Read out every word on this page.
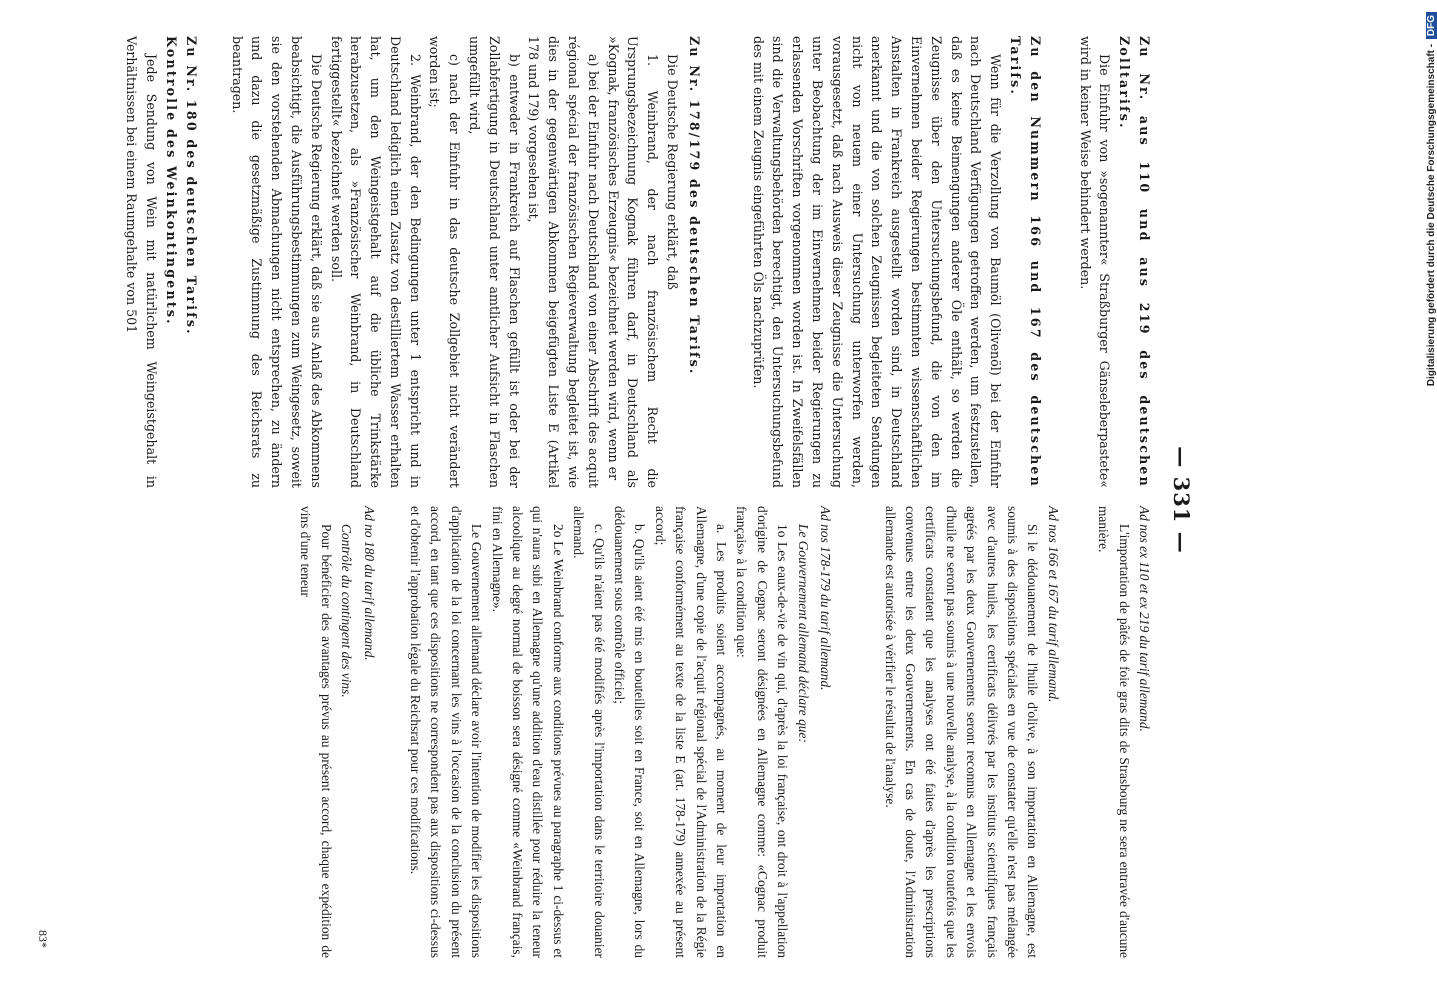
— 331 —

Zu Nr. aus 110 und aus 219 des deutschen Zolltarifs.

Die Einfuhr von »sogenannter« Straßburger Gänseleberpastete« wird in keiner Weise behindert werden.

Zu den Nummern 166 und 167 des deutschen Tarifs.

Wenn für die Verzollung von Baumöl (Olivenöl) bei der Einfuhr nach Deutschland Verfügungen getroffen werden, um festzustellen, daß es keine Beimengungen anderer Öle enthält, so werden die Zeugnisse über den Untersuchungsbefund, die von den im Einvernehmen beider Regierungen bestimmten wissenschaftlichen Anstalten in Frankreich ausgestellt worden sind, in Deutschland anerkannt und die von solchen Zeugnissen begleiteten Sendungen nicht von neuem einer Untersuchung unterworfen werden, vorausgesetzt, daß nach Ausweis dieser Zeugnisse die Untersuchung unter Beobachtung der im Einvernehmen beider Regierungen zu erlassenden Vorschriften vorgenommen worden ist. In Zweifelsfällen sind die Verwaltungsbehörden berechtigt, den Untersuchungsbefund des mit einem Zeugnis eingeführten Öls nachzuprüfen.

Zu Nr. 178/179 des deutschen Tarifs.

Die Deutsche Regierung erklärt, daß

1. Weinbrand, der nach französischem Recht die Ursprungsbezeichnung Kognak führen darf, in Deutschland als »Kognak, französisches Erzeugnis« bezeichnet werden wird, wenn er

a) bei der Einfuhr nach Deutschland von einer Abschrift des acquit régional spécial der französischen Regieverwaltung begleitet ist, wie dies in der gegenwärtigen Abkommen beigefügten Liste E (Artikel 178 und 179) vorgesehen ist,

b) entweder in Frankreich auf Flaschen gefüllt ist oder bei der Zollabfertigung in Deutschland unter amtlicher Aufsicht in Flaschen umgefüllt wird,

c) nach der Einfuhr in das deutsche Zollgebiet nicht verändert worden ist;

2. Weinbrand, der den Bedingungen unter 1 entspricht und in Deutschland lediglich einen Zusatz von destilliertem Wasser erhalten hat, um den Weingeistgehalt auf die übliche Trinkstärke herabzusetzen, als »Französischer Weinbrand, in Deutschland fertiggestellt« bezeichnet werden soll.

Die Deutsche Regierung erklärt, daß sie aus Anlaß des Abkommens beabsichtigt, die Ausführungsbestimmungen zum Weingesetz, soweit sie den vorstehenden Abmachungen nicht entsprechen, zu ändern und dazu die gesetzmäßige Zustimmung des Reichsrats zu beantragen.

Zu Nr. 180 des deutschen Tarifs.

Kontrolle des Weinkontingents.

Jede Sendung von Wein mit natürlichem Weingeistgehalt in Verhältnissen bei einem Raumgehalte von 501

Ad nos ex 110 et ex 219 du tarif allemand.

L'importation de pâtés de foie gras dits de Strasbourg ne sera entravée d'aucune manière.

Ad nos 166 et 167 du tarif allemand.

Si le dédouanement de l'huile d'olive, à son importation en Allemagne, est soumis à des dispositions spéciales en vue de constater qu'elle n'est pas mélangée avec d'autres huiles, les certificats délivrés par les instituts scientifiques français agréés par les deux Gouvernements seront reconnus en Allemagne et les envois d'huile ne seront pas soumis à une nouvelle analyse, à la condition toutefois que les certificats constatent que les analyses ont été faites d'après les prescriptions convenues entre les deux Gouvernements. En cas de doute, l'Administration allemande est autorisée à vérifier le résultat de l'analyse.

Ad nos 178-179 du tarif allemand.

Le Gouvernement allemand déclare que:

1o Les eaux-de-vie de vin qui, d'après la loi française, ont droit à l'appellation d'origine de Cognac seront désignées en Allemagne comme: «Cognac produit français» à la condition que:

a. Les produits soient accompagnés, au moment de leur importation en Allemagne, d'une copie de l'acquit régional spécial de l'Administration de la Régie française conformément au texte de la liste E (art. 178-179) annexée au présent accord;

b. Qu'ils aient été mis en bouteilles soit en France, soit en Allemagne, lors du dédouanement sous contrôle officiel;

c. Qu'ils n'aient pas été modifiés après l'importation dans le territoire douanier allemand.

2o Le Weinbrand conforme aux conditions prévues au paragraphe 1 ci-dessus et qui n'aura subi en Allemagne qu'une addition d'eau distillée pour réduire la teneur alcoolique au degré normal de boisson sera désigné comme «Weinbrand français, fini en Allemagne».

Le Gouvernement allemand déclare avoir l'intention de modifier les dispositions d'application de la loi concernant les vins à l'occasion de la conclusion du présent accord, en tant que ces dispositions ne correspondent pas aux dispositions ci-dessus et d'obtenir l'approbation légale du Reichsrat pour ces modifications.

Ad no 180 du tarif allemand.

Contrôle du contingent des vins.

Pour bénéficier des avantages prévus au présent accord, chaque expédition de vins d'une teneur

83*
Digitalisierung gefördert durch die Deutsche Forschungsgemeinschaft - DFG
